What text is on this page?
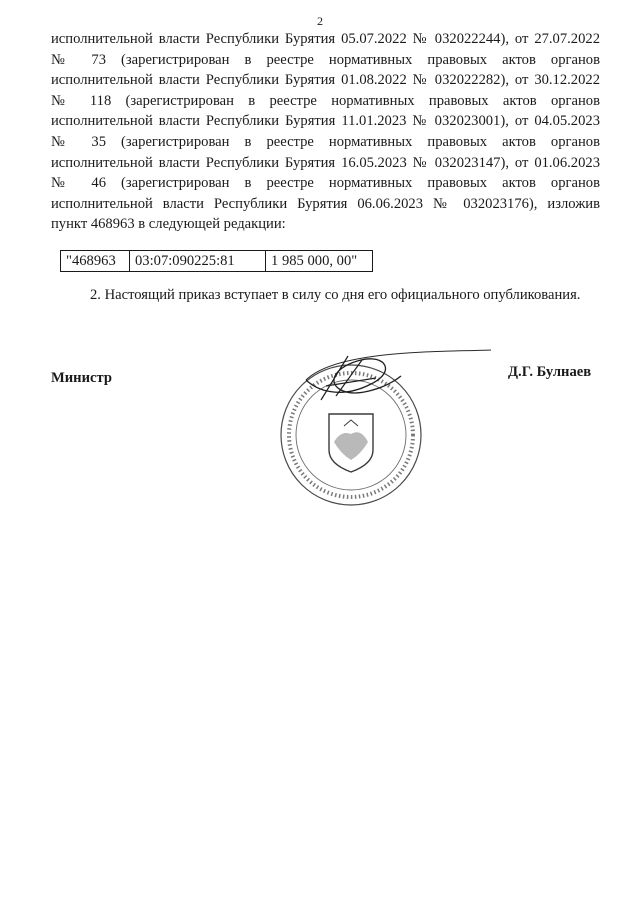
2
исполнительной власти Республики Бурятия 05.07.2022 № 032022244), от 27.07.2022
№ 73 (зарегистрирован в реестре нормативных правовых актов органов
исполнительной власти Республики Бурятия 01.08.2022 № 032022282), от 30.12.2022
№ 118 (зарегистрирован в реестре нормативных правовых актов органов
исполнительной власти Республики Бурятия 11.01.2023 № 032023001), от 04.05.2023
№ 35 (зарегистрирован в реестре нормативных правовых актов органов
исполнительной власти Республики Бурятия 16.05.2023 № 032023147), от 01.06.2023
№ 46 (зарегистрирован в реестре нормативных правовых актов органов
исполнительной власти Республики Бурятия 06.06.2023 № 032023176), изложив
пункт 468963 в следующей редакции:
"468963	03:07:090225:81	1 985 000, 00"
2. Настоящий приказ вступает в силу со дня его официального опубликования.
Министр	Д.Г. Булнаев
